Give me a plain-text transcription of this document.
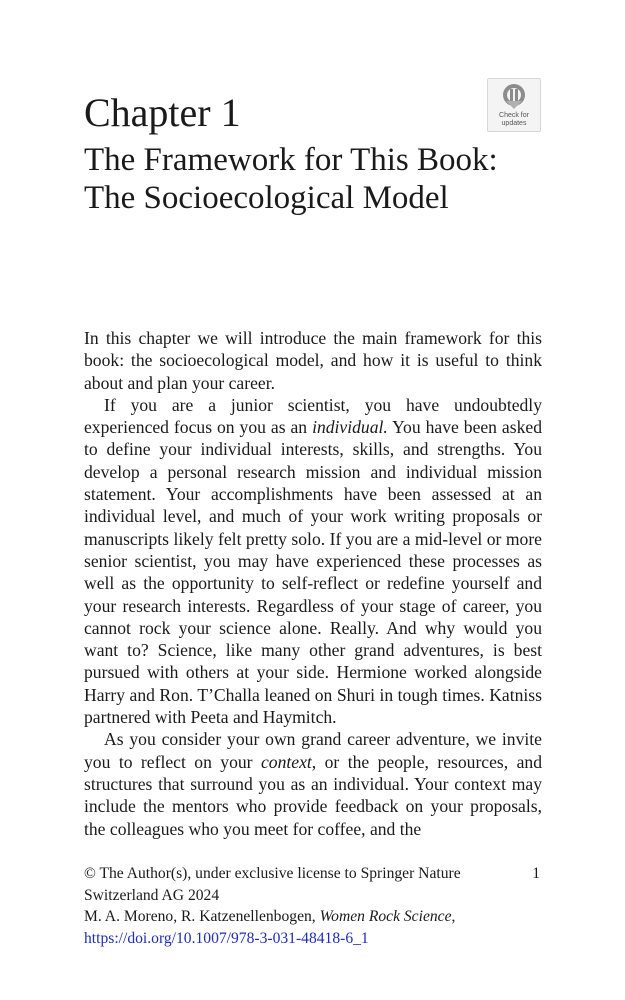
Check for
updates
Chapter 1
The Framework for This Book: The Socioecological Model

In this chapter we will introduce the main framework for this book: the socioecological model, and how it is useful to think about and plan your career.

If you are a junior scientist, you have undoubtedly experienced focus on you as an individual. You have been asked to define your individual interests, skills, and strengths. You develop a personal research mission and individual mission statement. Your accomplishments have been assessed at an individual level, and much of your work writing proposals or manuscripts likely felt pretty solo. If you are a mid-level or more senior scientist, you may have experienced these processes as well as the opportunity to self-reflect or redefine yourself and your research interests. Regardless of your stage of career, you cannot rock your science alone. Really. And why would you want to? Science, like many other grand adventures, is best pursued with others at your side. Hermione worked alongside Harry and Ron. T’Challa leaned on Shuri in tough times. Katniss partnered with Peeta and Haymitch.

As you consider your own grand career adventure, we invite you to reflect on your context, or the people, resources, and structures that surround you as an individual. Your context may include the mentors who provide feedback on your proposals, the colleagues who you meet for coffee, and the

© The Author(s), under exclusive license to Springer Nature	1
Switzerland AG 2024
M. A. Moreno, R. Katzenellenbogen, Women Rock Science,
https://doi.org/10.1007/978-3-031-48418-6_1
